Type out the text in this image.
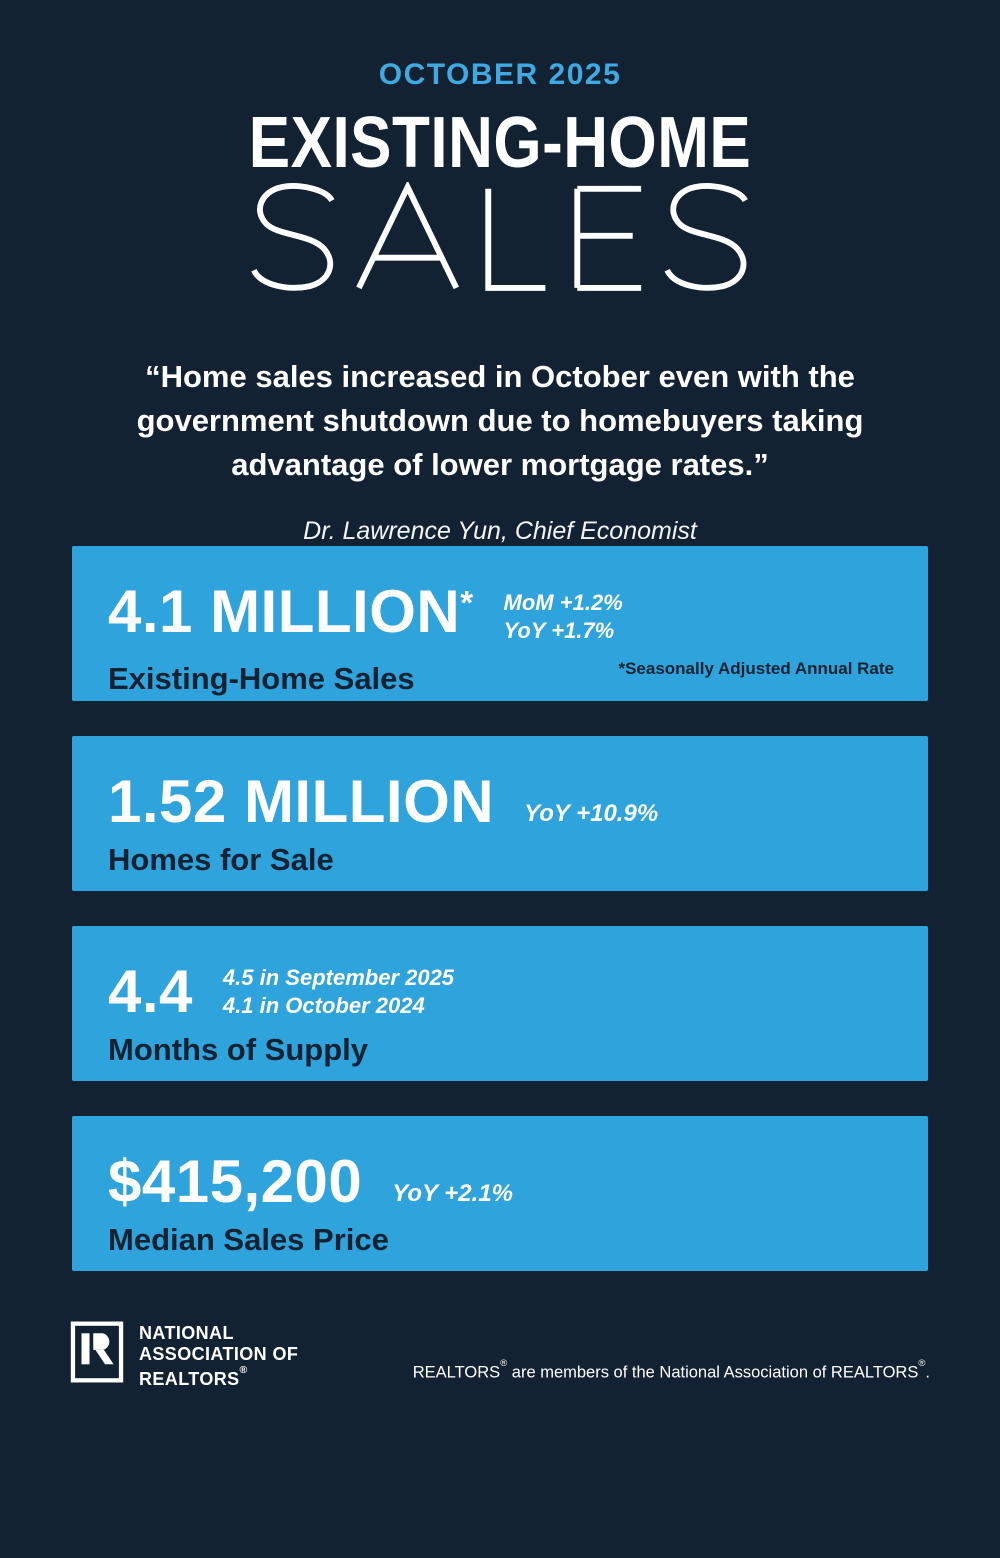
OCTOBER 2025
EXISTING-HOME
“Home sales increased in October even with the government shutdown due to homebuyers taking advantage of lower mortgage rates.”
Dr. Lawrence Yun, Chief Economist
4.1 MILLION* MoM +1.2%
YoY +1.7%
Existing-Home Sales	*Seasonally Adjusted Annual Rate
1.52 MILLION YoY +10.9%
Homes for Sale
4.4 4.5 in September 2025
4.1 in October 2024
Months of Supply
$415,200 YoY +2.1%
Median Sales Price
NATIONAL
ASSOCIATION OF
REALTORS®	REALTORS® are members of the National Association of REALTORS®.
